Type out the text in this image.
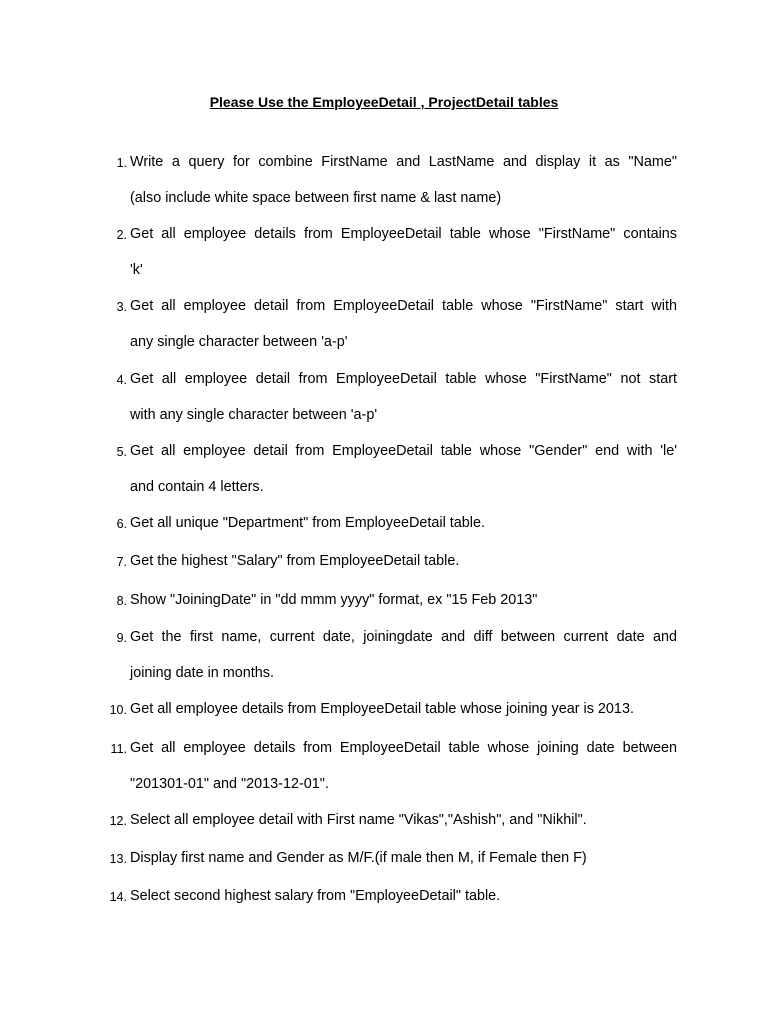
Please Use the EmployeeDetail , ProjectDetail tables
1. Write a query for combine FirstName and LastName and display it as "Name"
(also include white space between first name & last name)
2. Get all employee details from EmployeeDetail table whose "FirstName" contains
'k'
3. Get all employee detail from EmployeeDetail table whose "FirstName" start with
any single character between 'a-p'
4. Get all employee detail from EmployeeDetail table whose "FirstName" not start
with any single character between 'a-p'
5. Get all employee detail from EmployeeDetail table whose "Gender" end with 'le'
and contain 4 letters.
6. Get all unique "Department" from EmployeeDetail table.
7. Get the highest "Salary" from EmployeeDetail table.
8. Show "JoiningDate" in "dd mmm yyyy" format, ex "15 Feb 2013"
9. Get the first name, current date, joiningdate and diff between current date and
joining date in months.
10. Get all employee details from EmployeeDetail table whose joining year is 2013.
11. Get all employee details from EmployeeDetail table whose joining date between
"201301-01" and "2013-12-01".
12. Select all employee detail with First name "Vikas","Ashish", and "Nikhil".
13. Display first name and Gender as M/F.(if male then M, if Female then F)
14. Select second highest salary from "EmployeeDetail" table.
